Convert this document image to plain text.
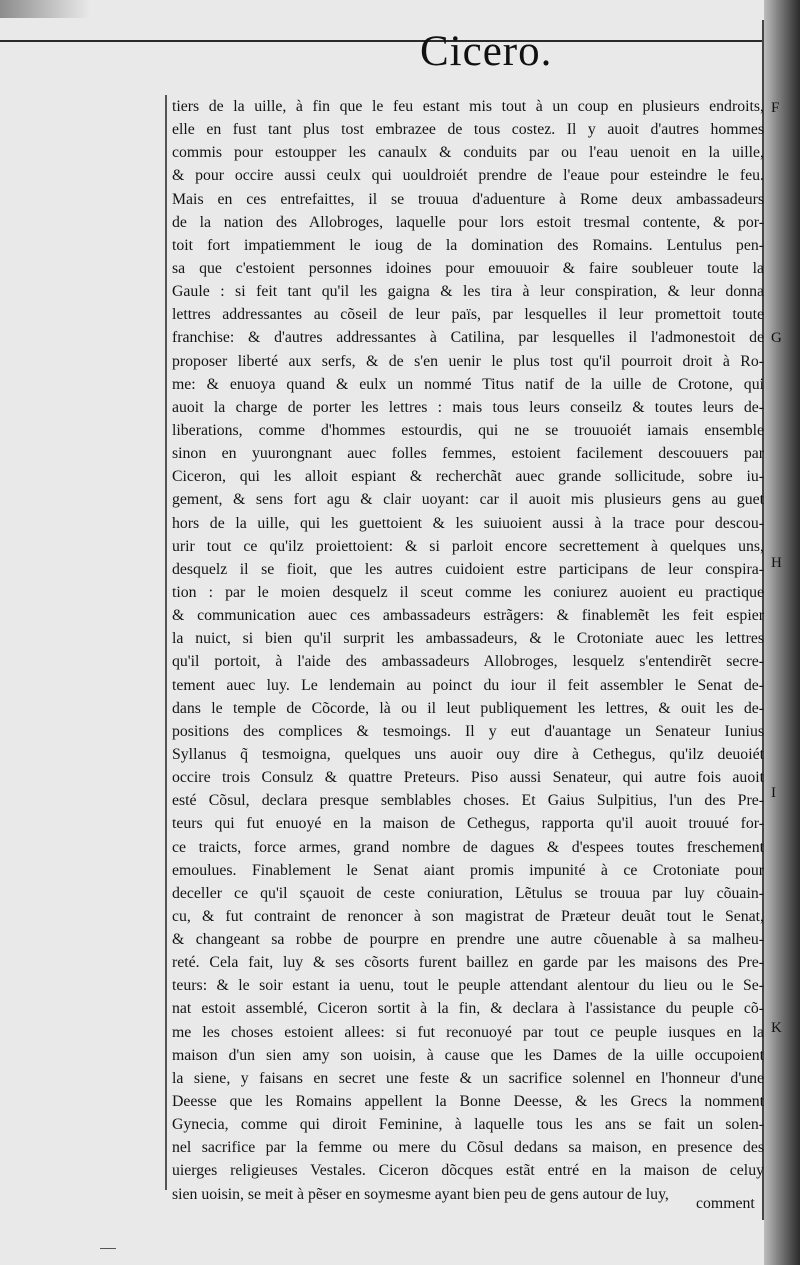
Cicero.
tiers de la uille, à fin que le feu estant mis tout à un coup en plusieurs endroits,
elle en fust tant plus tost embrazee de tous costez. Il y auoit d'autres hommes
commis pour estoupper les canaulx & conduits par ou l'eau uenoit en la uille,
& pour occire aussi ceulx qui uouldroiét prendre de l'eaue pour esteindre le feu.
Mais en ces entrefaittes, il se trouua d'aduenture à Rome deux ambassadeurs
de la nation des Allobroges, laquelle pour lors estoit tresmal contente, & por-
toit fort impatiemment le ioug de la domination des Romains. Lentulus pen-
sa que c'estoient personnes idoines pour emouuoir & faire soubleuer toute la
Gaule : si feit tant qu'il les gaigna & les tira à leur conspiration, & leur donna
lettres addressantes au cõseil de leur païs, par lesquelles il leur promettoit toute
franchise: & d'autres addressantes à Catilina, par lesquelles il l'admonestoit de
proposer liberté aux serfs, & de s'en uenir le plus tost qu'il pourroit droit à Ro-
me: & enuoya quand & eulx un nommé Titus natif de la uille de Crotone, qui
auoit la charge de porter les lettres : mais tous leurs conseilz & toutes leurs de-
liberations, comme d'hommes estourdis, qui ne se trouuoiét iamais ensemble
sinon en yuurongnant auec folles femmes, estoient facilement descouuers par
Ciceron, qui les alloit espiant & recherchãt auec grande sollicitude, sobre iu-
gement, & sens fort agu & clair uoyant: car il auoit mis plusieurs gens au guet
hors de la uille, qui les guettoient & les suiuoient aussi à la trace pour descou-
urir tout ce qu'ilz proiettoient: & si parloit encore secrettement à quelques uns,
desquelz il se fioit, que les autres cuidoient estre participans de leur conspira-
tion : par le moien desquelz il sceut comme les coniurez auoient eu practique
& communication auec ces ambassadeurs estrãgers: & finablemẽt les feit espier
la nuict, si bien qu'il surprit les ambassadeurs, & le Crotoniate auec les lettres
qu'il portoit, à l'aide des ambassadeurs Allobroges, lesquelz s'entendirẽt secre-
tement auec luy. Le lendemain au poinct du iour il feit assembler le Senat de-
dans le temple de Cõcorde, là ou il leut publiquement les lettres, & ouit les de-
positions des complices & tesmoings. Il y eut d'auantage un Senateur Iunius
Syllanus q̃ tesmoigna, quelques uns auoir ouy dire à Cethegus, qu'ilz deuoiét
occire trois Consulz & quattre Preteurs. Piso aussi Senateur, qui autre fois auoit
esté Cõsul, declara presque semblables choses. Et Gaius Sulpitius, l'un des Pre-
teurs qui fut enuoyé en la maison de Cethegus, rapporta qu'il auoit trouué for-
ce traicts, force armes, grand nombre de dagues & d'espees toutes freschement
emoulues. Finablement le Senat aiant promis impunité à ce Crotoniate pour
deceller ce qu'il sçauoit de ceste coniuration, Lẽtulus se trouua par luy cõuain-
cu, & fut contraint de renoncer à son magistrat de Præteur deuãt tout le Senat,
& changeant sa robbe de pourpre en prendre une autre cõuenable à sa malheu-
reté. Cela fait, luy & ses cõsorts furent baillez en garde par les maisons des Pre-
teurs: & le soir estant ia uenu, tout le peuple attendant alentour du lieu ou le Se-
nat estoit assemblé, Ciceron sortit à la fin, & declara à l'assistance du peuple cõ-
me les choses estoient allees: si fut reconuoyé par tout ce peuple iusques en la
maison d'un sien amy son uoisin, à cause que les Dames de la uille occupoient
la siene, y faisans en secret une feste & un sacrifice solennel en l'honneur d'une
Deesse que les Romains appellent la Bonne Deesse, & les Grecs la nomment
Gynecia, comme qui diroit Feminine, à laquelle tous les ans se fait un solen-
nel sacrifice par la femme ou mere du Cõsul dedans sa maison, en presence des
uierges religieuses Vestales. Ciceron dõcques estãt entré en la maison de celuy
sien uoisin, se meit à pẽser en soymesme ayant bien peu de gens autour de luy,
comment
F
G
H
I
K
